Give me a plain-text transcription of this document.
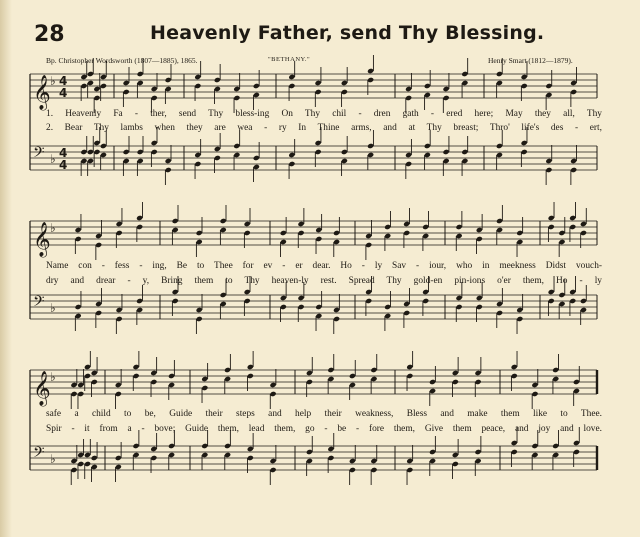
28	Heavenly Father, send Thy Blessing.
Bp. Christopher Wordsworth (1807—1885), 1865.	"BETHANY."	Henry Smart (1812—1879).
𝄞 ♭ 4
4
𝄢 ♭ 4
4
𝄞 ♭
𝄢 ♭
𝄞 ♭
𝄢 ♭
1. Heavenly Fa - ther, send Thy bless-ing On Thy chil - dren gath - ered here; May they all, Thy
2. Bear Thy lambs when they are wea - ry In Thine arms, and at Thy breast; Thro' life's des - ert,
Name con - fess - ing, Be to Thee for ev - er dear. Ho - ly Sav - iour, who in meekness Didst vouch-
dry and drear - y, Bring them to Thy heaven-ly rest. Spread Thy gold-en pin-ions o'er them, Ho - ly
safe a child to be, Guide their steps and help their weakness, Bless and make them like to Thee.
Spir - it from a - bove; Guide them, lead them, go - be - fore them, Give them peace, and joy and love.
